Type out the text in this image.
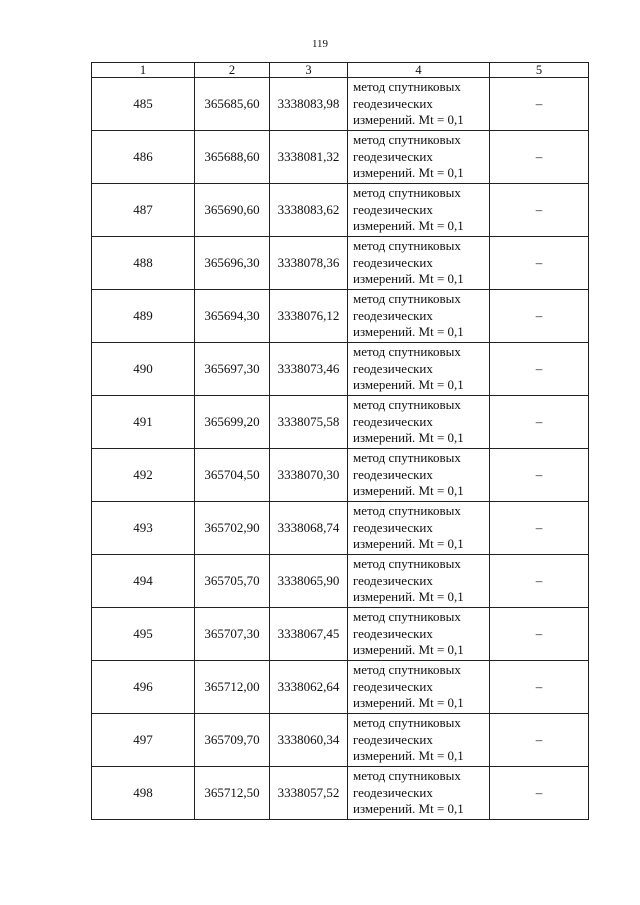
119
1	2	3	4	5
485	365685,60	3338083,98	метод спутниковых
геодезических
измерений. Mt = 0,1	–
486	365688,60	3338081,32	метод спутниковых
геодезических
измерений. Mt = 0,1	–
487	365690,60	3338083,62	метод спутниковых
геодезических
измерений. Mt = 0,1	–
488	365696,30	3338078,36	метод спутниковых
геодезических
измерений. Mt = 0,1	–
489	365694,30	3338076,12	метод спутниковых
геодезических
измерений. Mt = 0,1	–
490	365697,30	3338073,46	метод спутниковых
геодезических
измерений. Mt = 0,1	–
491	365699,20	3338075,58	метод спутниковых
геодезических
измерений. Mt = 0,1	–
492	365704,50	3338070,30	метод спутниковых
геодезических
измерений. Mt = 0,1	–
493	365702,90	3338068,74	метод спутниковых
геодезических
измерений. Mt = 0,1	–
494	365705,70	3338065,90	метод спутниковых
геодезических
измерений. Mt = 0,1	–
495	365707,30	3338067,45	метод спутниковых
геодезических
измерений. Mt = 0,1	–
496	365712,00	3338062,64	метод спутниковых
геодезических
измерений. Mt = 0,1	–
497	365709,70	3338060,34	метод спутниковых
геодезических
измерений. Mt = 0,1	–
498	365712,50	3338057,52	метод спутниковых
геодезических
измерений. Mt = 0,1	–
